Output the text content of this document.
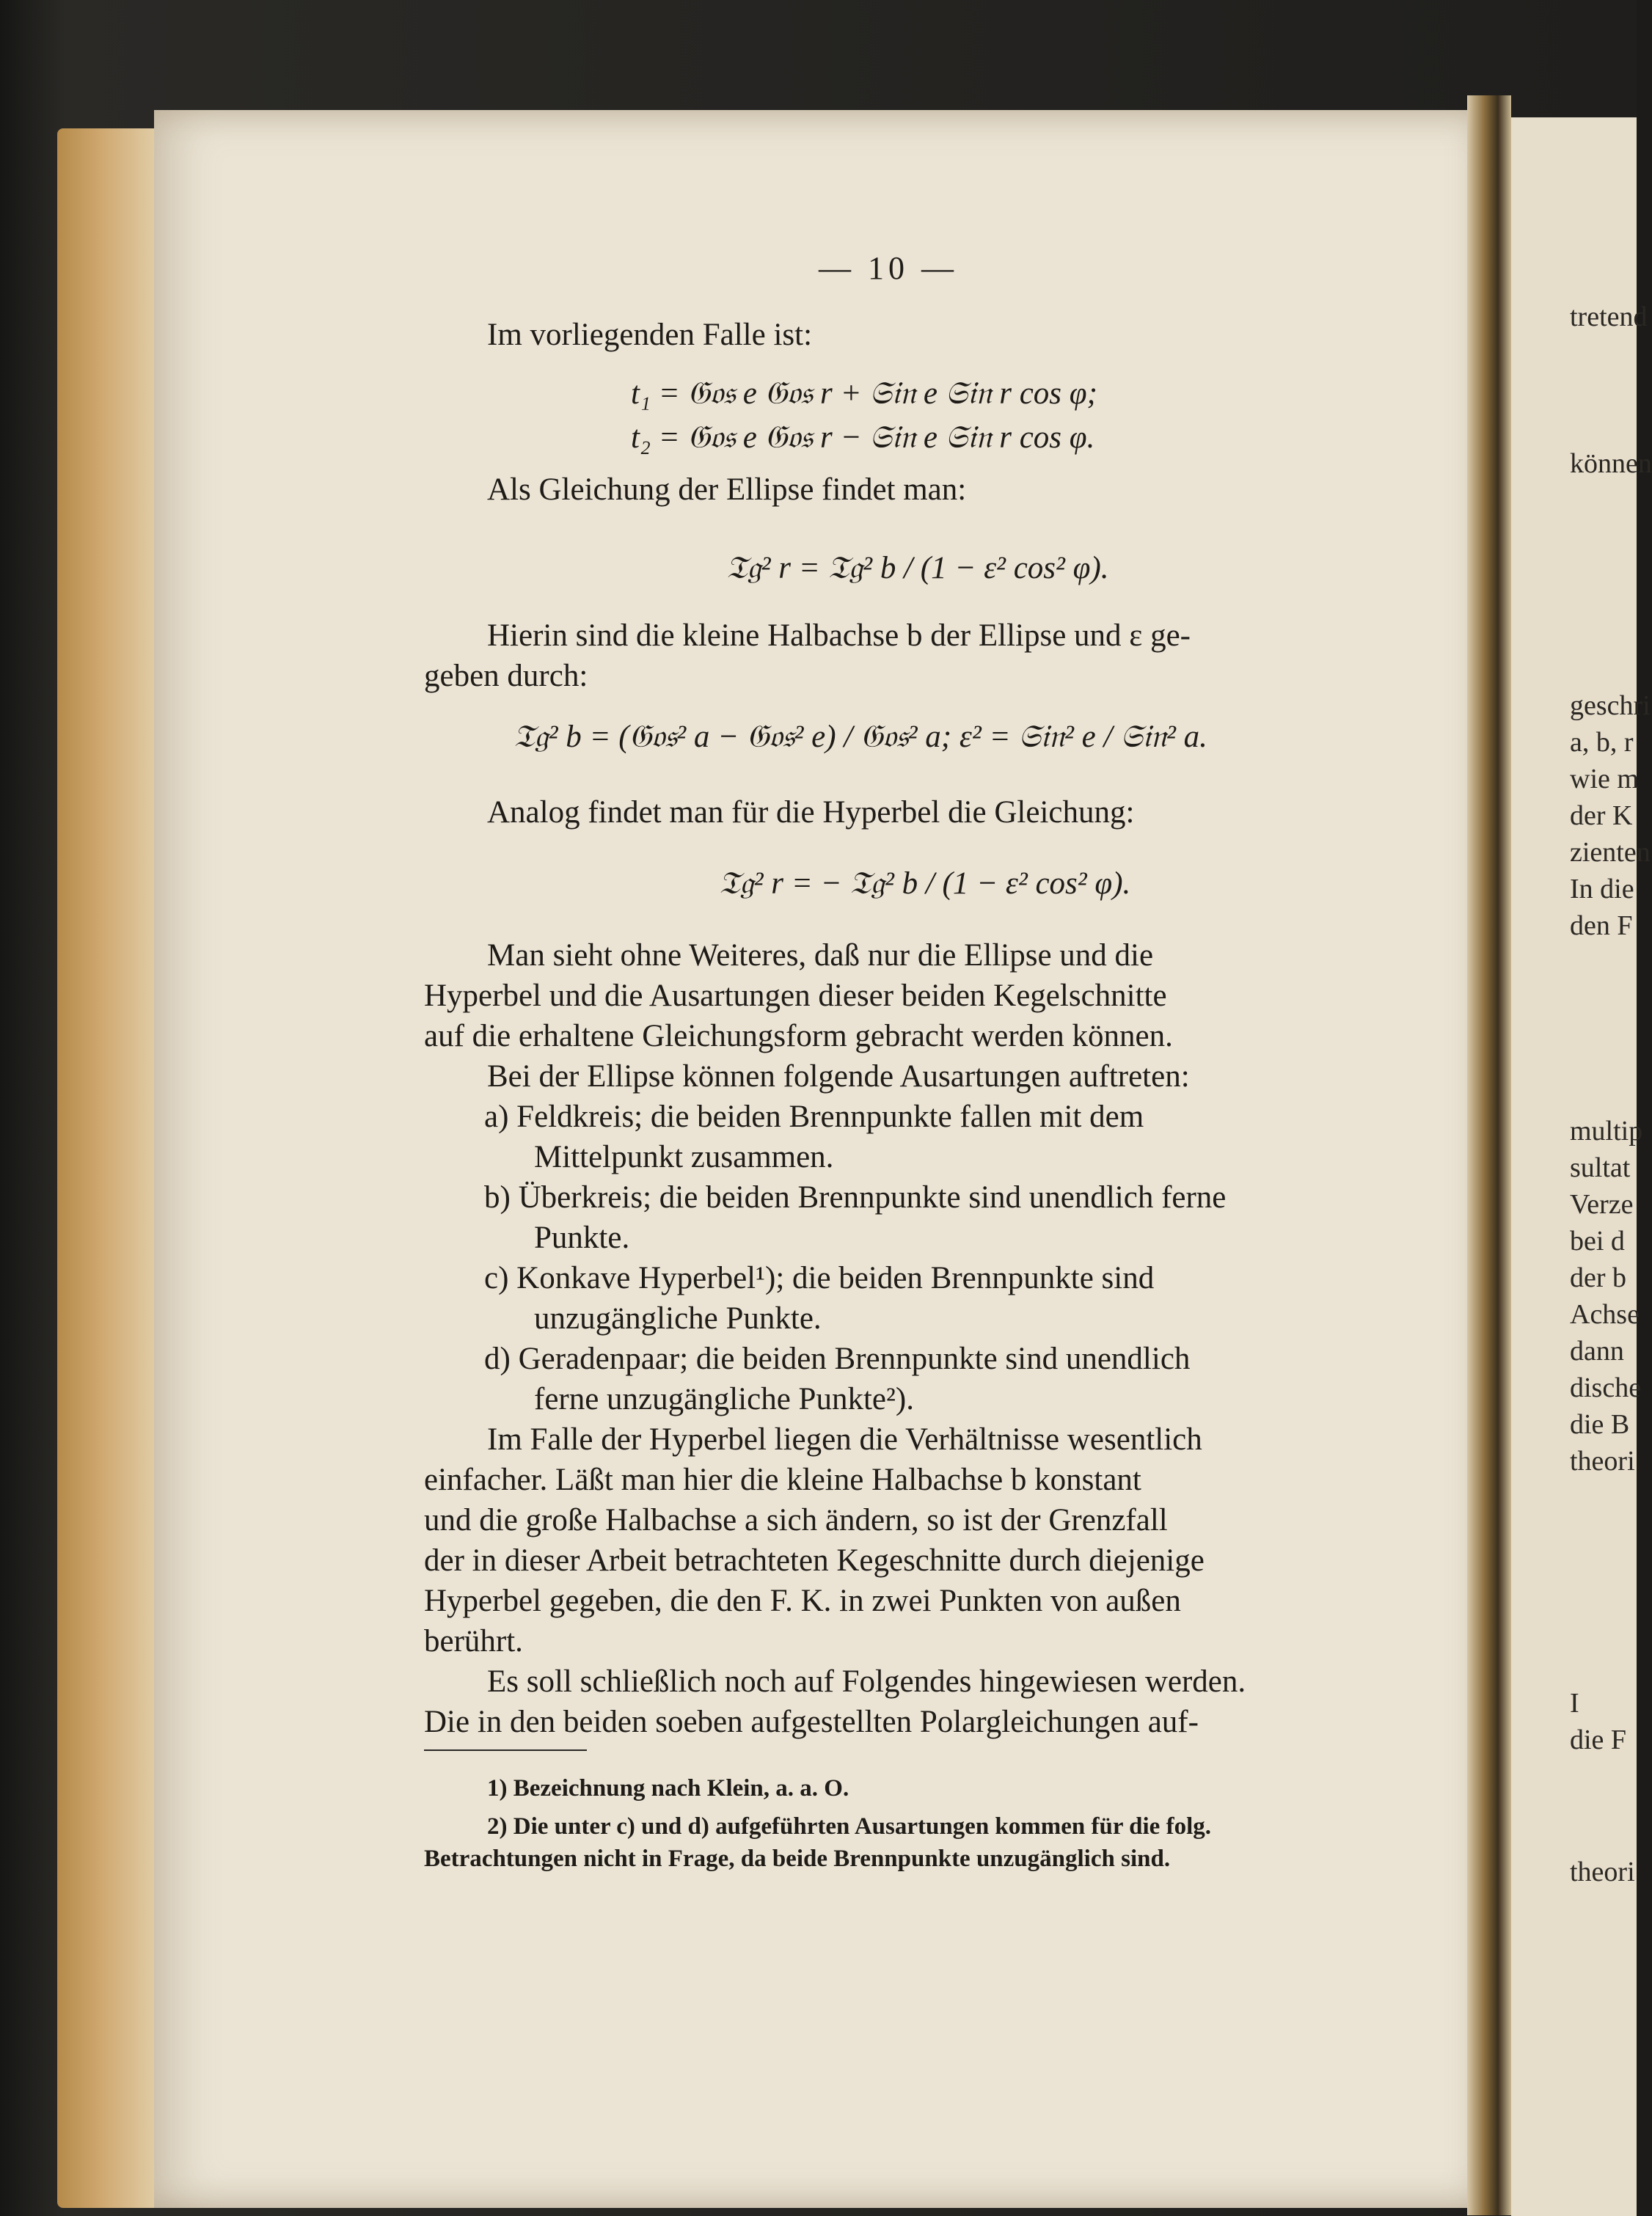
tretend
können
geschri
a, b, r
wie m
der K
zienten
In die
den F
multip
sultat
Verze
bei d
der b
Achse
dann
dische
die B
theori
I
die F
theori
— 10 —
Im vorliegenden Falle ist:
t₁ = 𝔊𝔬𝔰 e 𝔊𝔬𝔰 r + 𝔖𝔦𝔫 e 𝔖𝔦𝔫 r cos φ;
t₂ = 𝔊𝔬𝔰 e 𝔊𝔬𝔰 r − 𝔖𝔦𝔫 e 𝔖𝔦𝔫 r cos φ.
Als Gleichung der Ellipse findet man:
𝔗𝔤² r = 𝔗𝔤² b / (1 − ε² cos² φ).
Hierin sind die kleine Halbachse b der Ellipse und ε ge-
geben durch:
𝔗𝔤² b = (𝔊𝔬𝔰² a − 𝔊𝔬𝔰² e) / 𝔊𝔬𝔰² a; ε² = 𝔖𝔦𝔫² e / 𝔖𝔦𝔫² a.
Analog findet man für die Hyperbel die Gleichung:
𝔗𝔤² r = − 𝔗𝔤² b / (1 − ε² cos² φ).
Man sieht ohne Weiteres, daß nur die Ellipse und die
Hyperbel und die Ausartungen dieser beiden Kegelschnitte
auf die erhaltene Gleichungsform gebracht werden können.
Bei der Ellipse können folgende Ausartungen auftreten:
a) Feldkreis; die beiden Brennpunkte fallen mit dem
Mittelpunkt zusammen.
b) Überkreis; die beiden Brennpunkte sind unendlich ferne
Punkte.
c) Konkave Hyperbel¹); die beiden Brennpunkte sind
unzugängliche Punkte.
d) Geradenpaar; die beiden Brennpunkte sind unendlich
ferne unzugängliche Punkte²).
Im Falle der Hyperbel liegen die Verhältnisse wesentlich
einfacher. Läßt man hier die kleine Halbachse b konstant
und die große Halbachse a sich ändern, so ist der Grenzfall
der in dieser Arbeit betrachteten Kegeschnitte durch diejenige
Hyperbel gegeben, die den F. K. in zwei Punkten von außen
berührt.
Es soll schließlich noch auf Folgendes hingewiesen werden.
Die in den beiden soeben aufgestellten Polargleichungen auf-
1) Bezeichnung nach Klein, a. a. O.
2) Die unter c) und d) aufgeführten Ausartungen kommen für die folg.
Betrachtungen nicht in Frage, da beide Brennpunkte unzugänglich sind.
